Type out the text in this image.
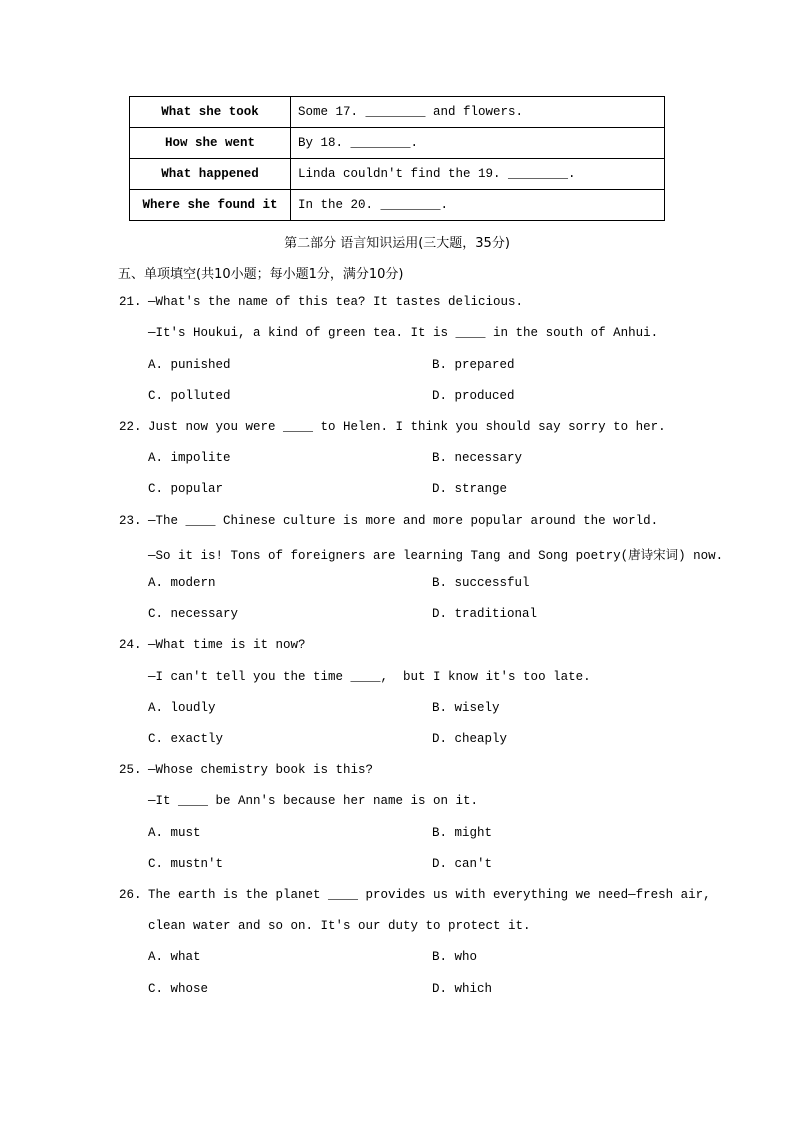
What she took	Some 17. ________ and flowers.
How she went	By 18. ________.
What happened	Linda couldn't find the 19. ________.
Where she found it	In the 20. ________.
第二部分 语言知识运用(三大题，35分)
五、单项填空(共10小题；每小题1分，满分10分)
21. —What's the name of this tea? It tastes delicious.
—It's Houkui, a kind of green tea. It is ____ in the south of Anhui.
A. punished	B. prepared
C. polluted	D. produced
22. Just now you were ____ to Helen. I think you should say sorry to her.
A. impolite	B. necessary
C. popular	D. strange
23. —The ____ Chinese culture is more and more popular around the world.
—So it is! Tons of foreigners are learning Tang and Song poetry(唐诗宋词) now.
A. modern	B. successful
C. necessary	D. traditional
24. —What time is it now?
—I can't tell you the time ____,  but I know it's too late.
A. loudly	B. wisely
C. exactly	D. cheaply
25. —Whose chemistry book is this?
—It ____ be Ann's because her name is on it.
A. must	B. might
C. mustn't	D. can't
26. The earth is the planet ____ provides us with everything we need—fresh air,
clean water and so on. It's our duty to protect it.
A. what	B. who
C. whose	D. which
